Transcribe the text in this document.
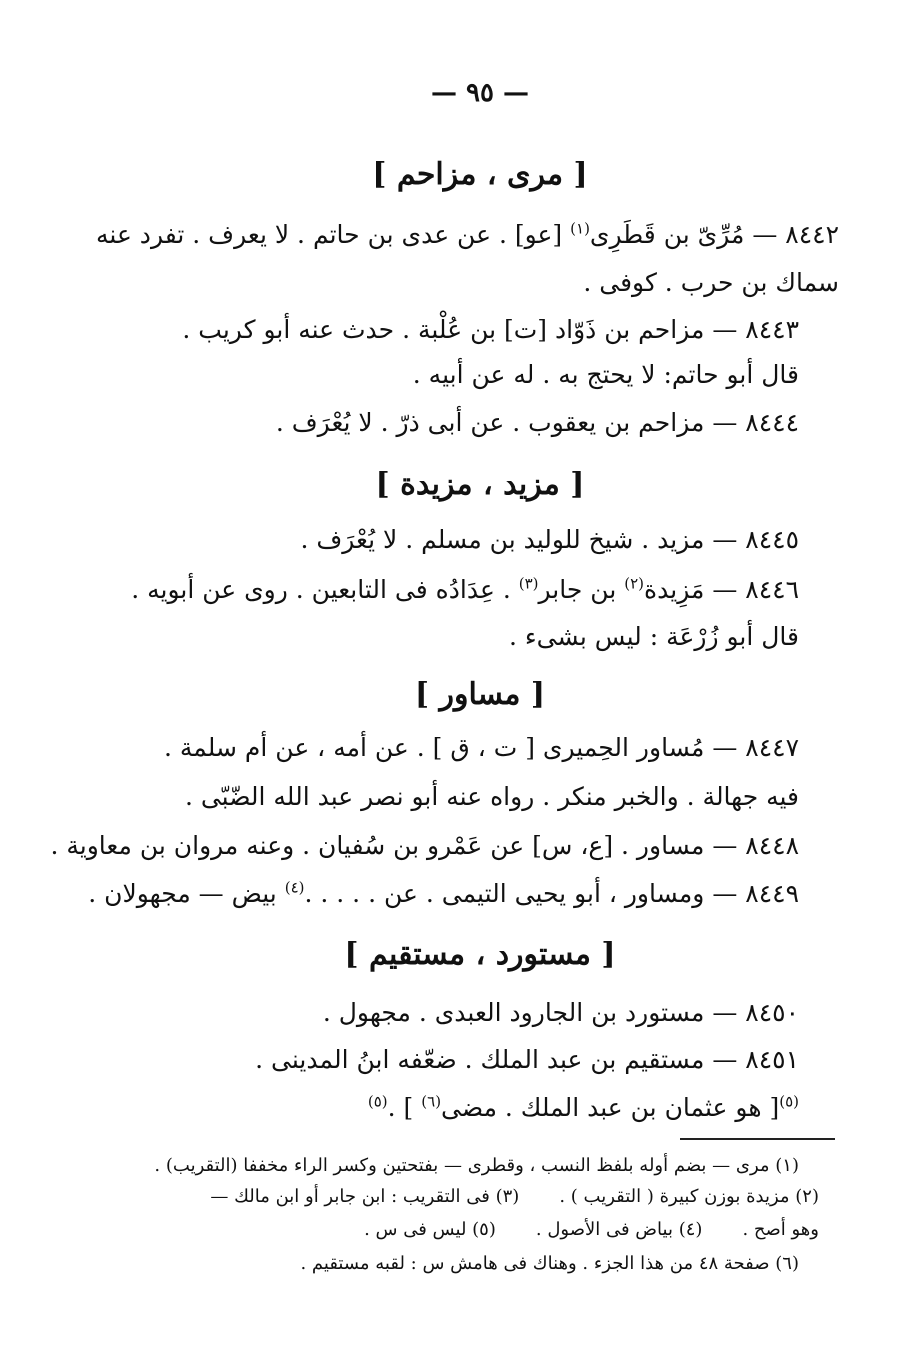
— ٩٥ —
[ مرى ، مزاحم ]
٨٤٤٢ — مُرِّىّ بن قَطَرِى$^{(١)}$ [عو] . عن عدى بن حاتم . لا يعرف . تفرد عنه
سماك بن حرب . كوفى .
٨٤٤٣ — مزاحم بن ذَوّاد [ت] بن عُلْبة . حدث عنه أبو كريب .
قال أبو حاتم: لا يحتج به . له عن أبيه .
٨٤٤٤ — مزاحم بن يعقوب . عن أبى ذرّ . لا يُعْرَف .
[ مزيد ، مزيدة ]
٨٤٤٥ — مزيد . شيخ للوليد بن مسلم . لا يُعْرَف .
٨٤٤٦ — مَزِيدة$^{(٢)}$ بن جابر$^{(٣)}$ . عِدَادُه فى التابعين . روى عن أبويه .
قال أبو زُرْعَة : ليس بشىء .
[ مساور ]
٨٤٤٧ — مُساور الحِميرى [ ت ، ق ] . عن أمه ، عن أم سلمة .
فيه جهالة . والخبر منكر . رواه عنه أبو نصر عبد الله الضّبّى .
٨٤٤٨ — مساور . [ع، س] عن عَمْرو بن سُفيان . وعنه مروان بن معاوية .
٨٤٤٩ — ومساور ، أبو يحيى التيمى . عن . . . . .$^{(٤)}$ بيض — مجهولان .
[ مستورد ، مستقيم ]
٨٤٥٠ — مستورد بن الجارود العبدى . مجهول .
٨٤٥١ — مستقيم بن عبد الملك . ضعّفه ابنُ المدينى .
$^{(٥)}$[ هو عثمان بن عبد الملك . مضى$^{(٦)}$ ] .$^{(٥)}$
(١) مرى — بضم أوله بلفظ النسب ، وقطرى — بفتحتين وكسر الراء مخففا (التقريب) .
(٢) مزيدة بوزن كبيرة ( التقريب ) .(٣) فى التقريب : ابن جابر أو ابن مالك —
وهو أصح .(٤) بياض فى الأصول .(٥) ليس فى س .
(٦) صفحة ٤٨ من هذا الجزء . وهناك فى هامش س : لقبه مستقيم .
